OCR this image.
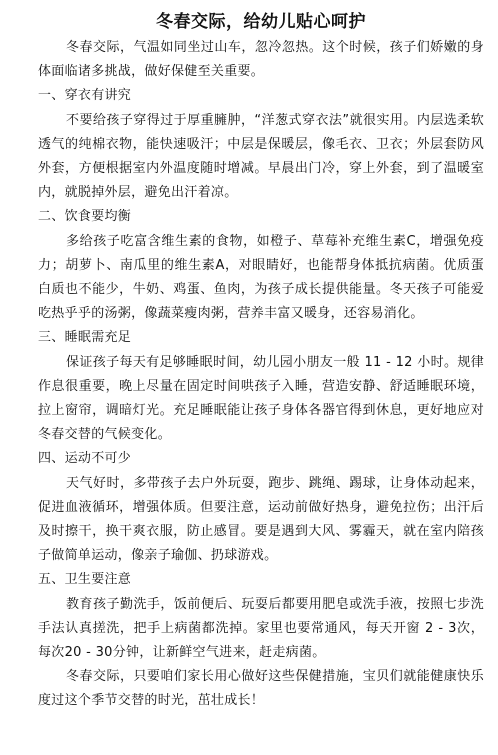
冬春交际，给幼儿贴心呵护

冬春交际，气温如同坐过山车，忽冷忽热。这个时候，孩子们娇嫩的身体面临诸多挑战，做好保健至关重要。

一、穿衣有讲究

不要给孩子穿得过于厚重臃肿，“洋葱式穿衣法”就很实用。内层选柔软透气的纯棉衣物，能快速吸汗；中层是保暖层，像毛衣、卫衣；外层套防风外套，方便根据室内外温度随时增减。早晨出门冷，穿上外套，到了温暖室内，就脱掉外层，避免出汗着凉。

二、饮食要均衡

多给孩子吃富含维生素的食物，如橙子、草莓补充维生素C，增强免疫力；胡萝卜、南瓜里的维生素A，对眼睛好，也能帮身体抵抗病菌。优质蛋白质也不能少，牛奶、鸡蛋、鱼肉，为孩子成长提供能量。冬天孩子可能爱吃热乎乎的汤粥，像蔬菜瘦肉粥，营养丰富又暖身，还容易消化。

三、睡眠需充足

保证孩子每天有足够睡眠时间，幼儿园小朋友一般 11 - 12 小时。规律作息很重要，晚上尽量在固定时间哄孩子入睡，营造安静、舒适睡眠环境，拉上窗帘，调暗灯光。充足睡眠能让孩子身体各器官得到休息，更好地应对冬春交替的气候变化。

四、运动不可少

天气好时，多带孩子去户外玩耍，跑步、跳绳、踢球，让身体动起来，促进血液循环，增强体质。但要注意，运动前做好热身，避免拉伤；出汗后及时擦干，换干爽衣服，防止感冒。要是遇到大风、雾霾天，就在室内陪孩子做简单运动，像亲子瑜伽、扔球游戏。

五、卫生要注意

教育孩子勤洗手，饭前便后、玩耍后都要用肥皂或洗手液，按照七步洗手法认真搓洗，把手上病菌都洗掉。家里也要常通风，每天开窗 2 - 3次，每次20 - 30分钟，让新鲜空气进来，赶走病菌。

冬春交际，只要咱们家长用心做好这些保健措施，宝贝们就能健康快乐度过这个季节交替的时光，茁壮成长！
